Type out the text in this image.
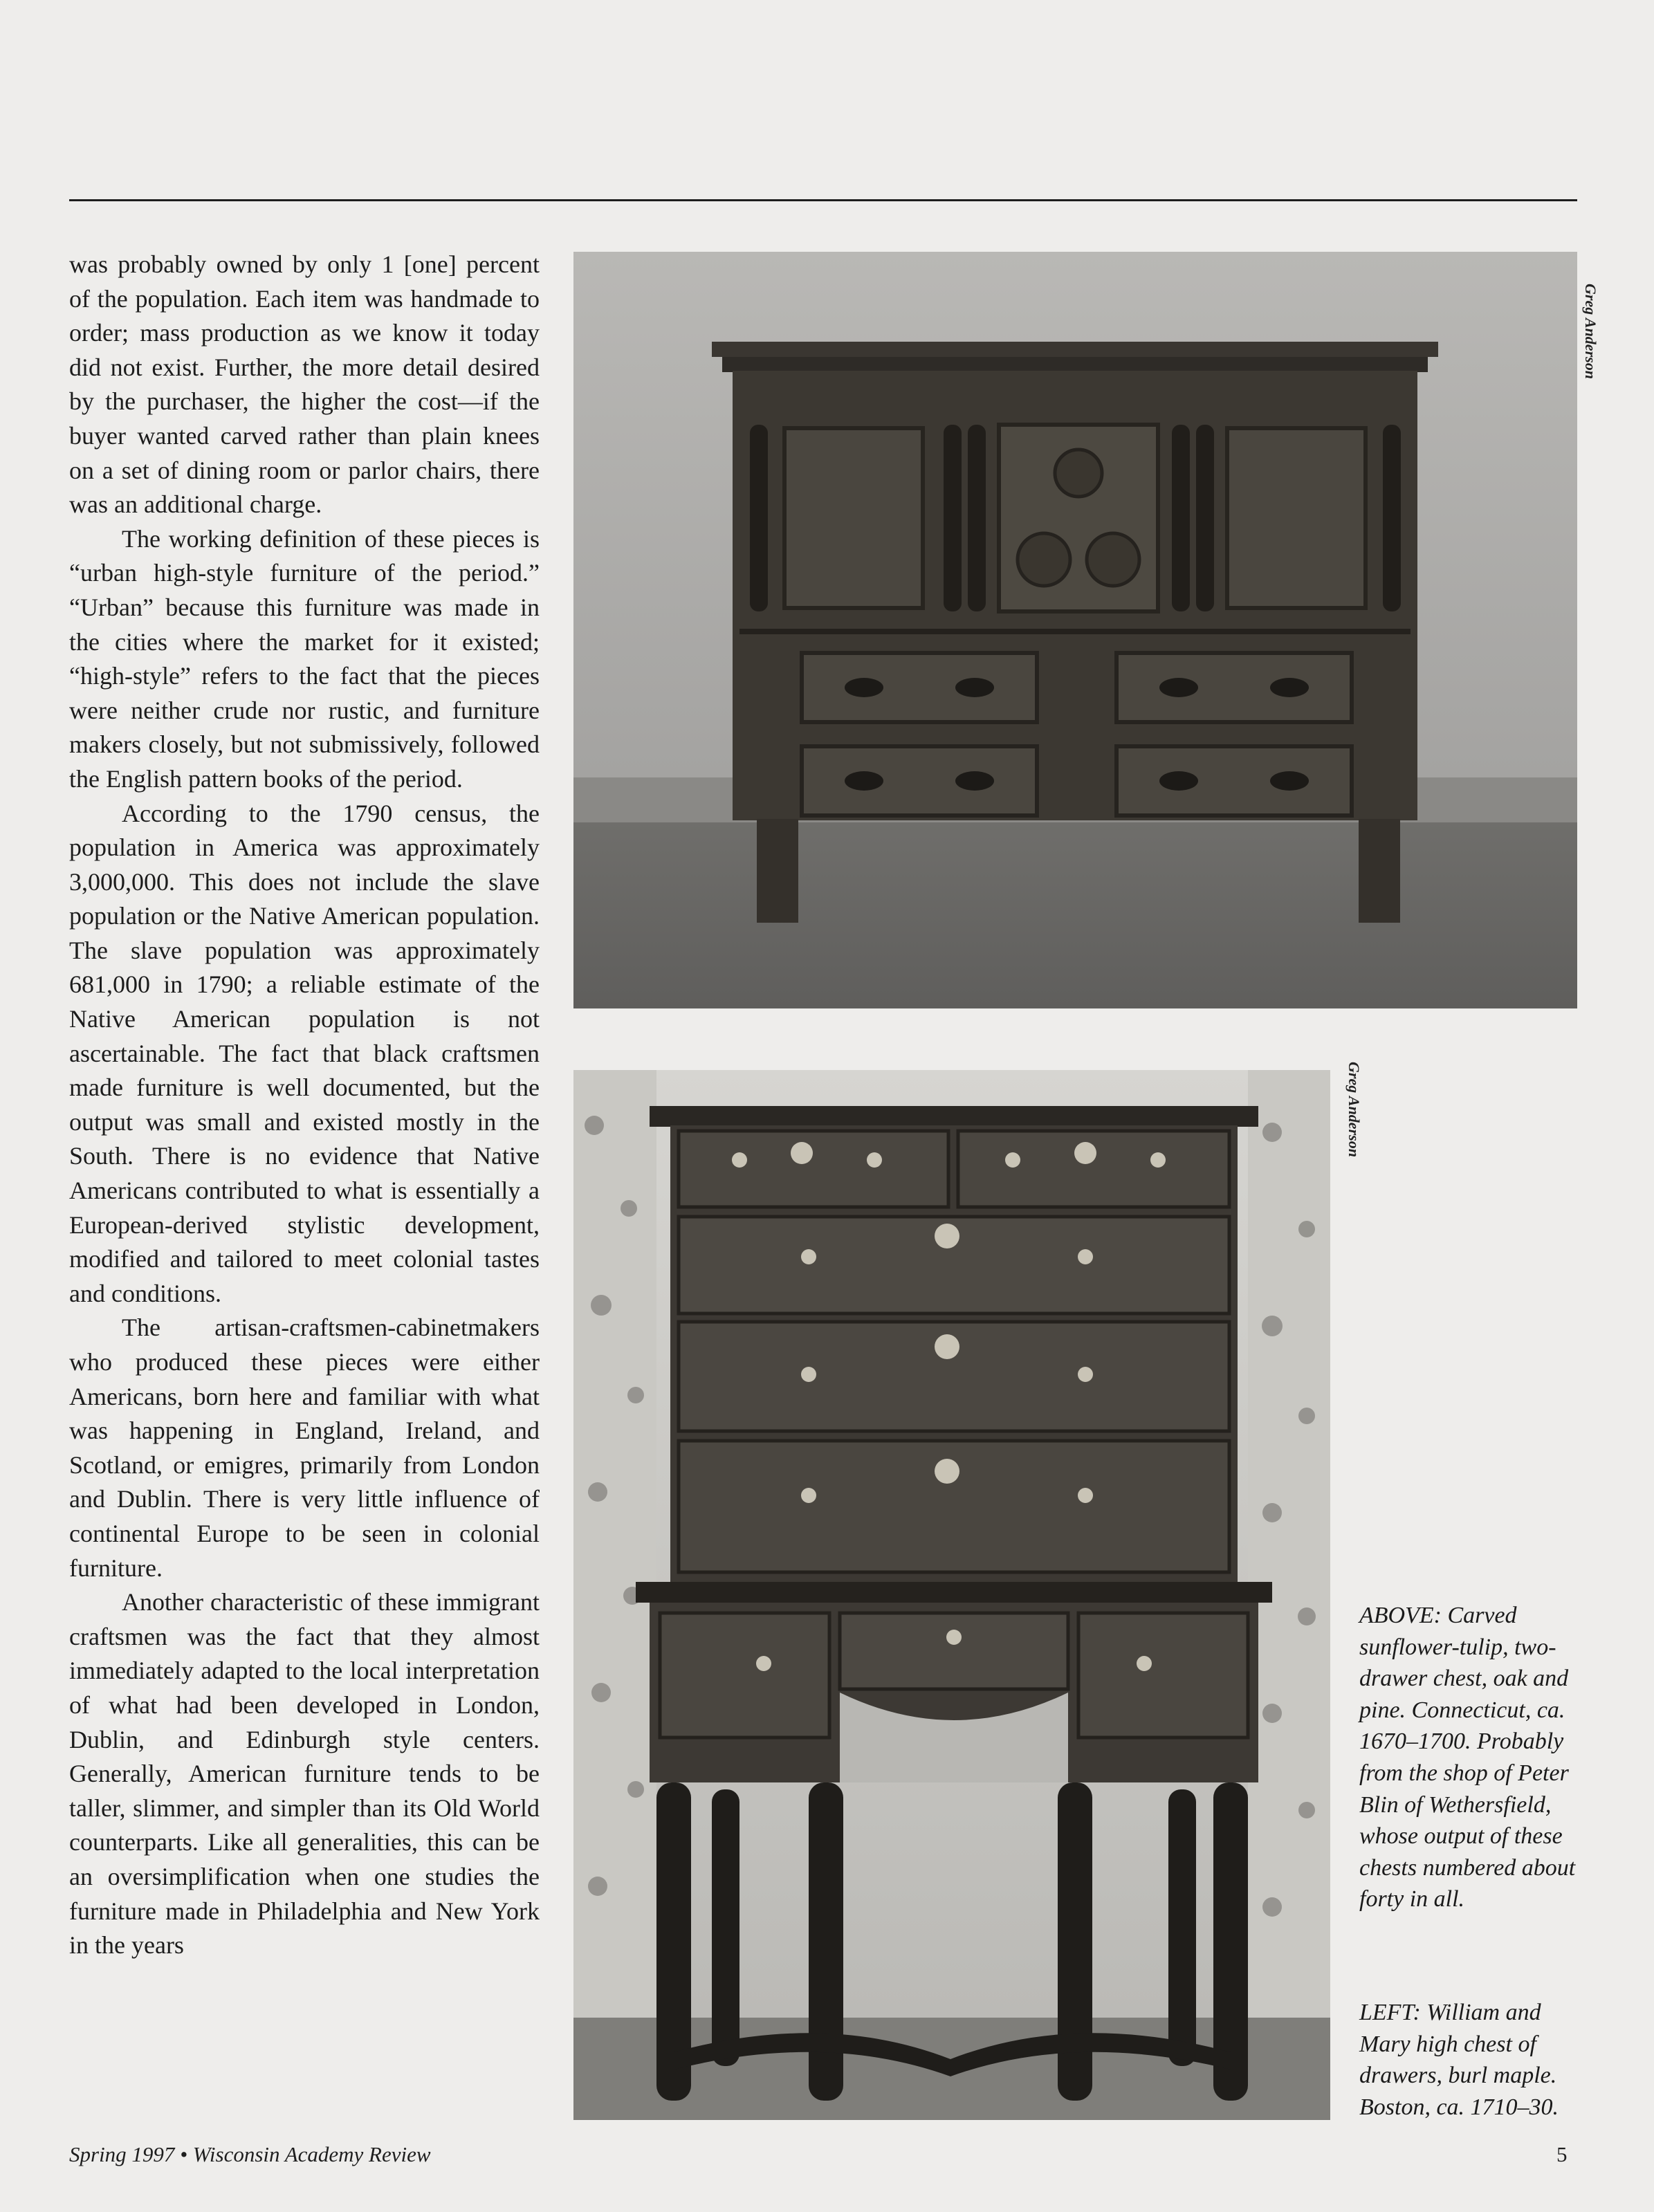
was probably owned by only 1 [one] percent of the population. Each item was handmade to order; mass production as we know it today did not exist. Further, the more detail desired by the purchaser, the higher the cost—if the buyer wanted carved rather than plain knees on a set of dining room or parlor chairs, there was an additional charge.

The working definition of these pieces is “urban high-style furniture of the period.” “Urban” because this furniture was made in the cities where the market for it existed; “high-style” refers to the fact that the pieces were neither crude nor rustic, and furniture makers closely, but not submissively, followed the English pattern books of the period.

According to the 1790 census, the population in America was approximately 3,000,000. This does not include the slave population or the Native American population. The slave population was approximately 681,000 in 1790; a reliable estimate of the Native American population is not ascertainable. The fact that black craftsmen made furniture is well documented, but the output was small and existed mostly in the South. There is no evidence that Native Americans contributed to what is essentially a European-derived stylistic development, modified and tailored to meet colonial tastes and conditions.

The artisan-craftsmen-cabinetmakers who produced these pieces were either Americans, born here and familiar with what was happening in England, Ireland, and Scotland, or emigres, primarily from London and Dublin. There is very little influence of continental Europe to be seen in colonial furniture.

Another characteristic of these immigrant craftsmen was the fact that they almost immediately adapted to the local interpretation of what had been developed in London, Dublin, and Edinburgh style centers. Generally, American furniture tends to be taller, slimmer, and simpler than its Old World counterparts. Like all generalities, this can be an oversimplification when one studies the furniture made in Philadelphia and New York in the years

Greg Anderson
Greg Anderson

ABOVE: Carved sunflower-tulip, two-drawer chest, oak and pine. Connecticut, ca. 1670–1700. Probably from the shop of Peter Blin of Wethersfield, whose output of these chests numbered about forty in all.

LEFT: William and Mary high chest of drawers, burl maple. Boston, ca. 1710–30.

Spring 1997 • Wisconsin Academy Review	5
